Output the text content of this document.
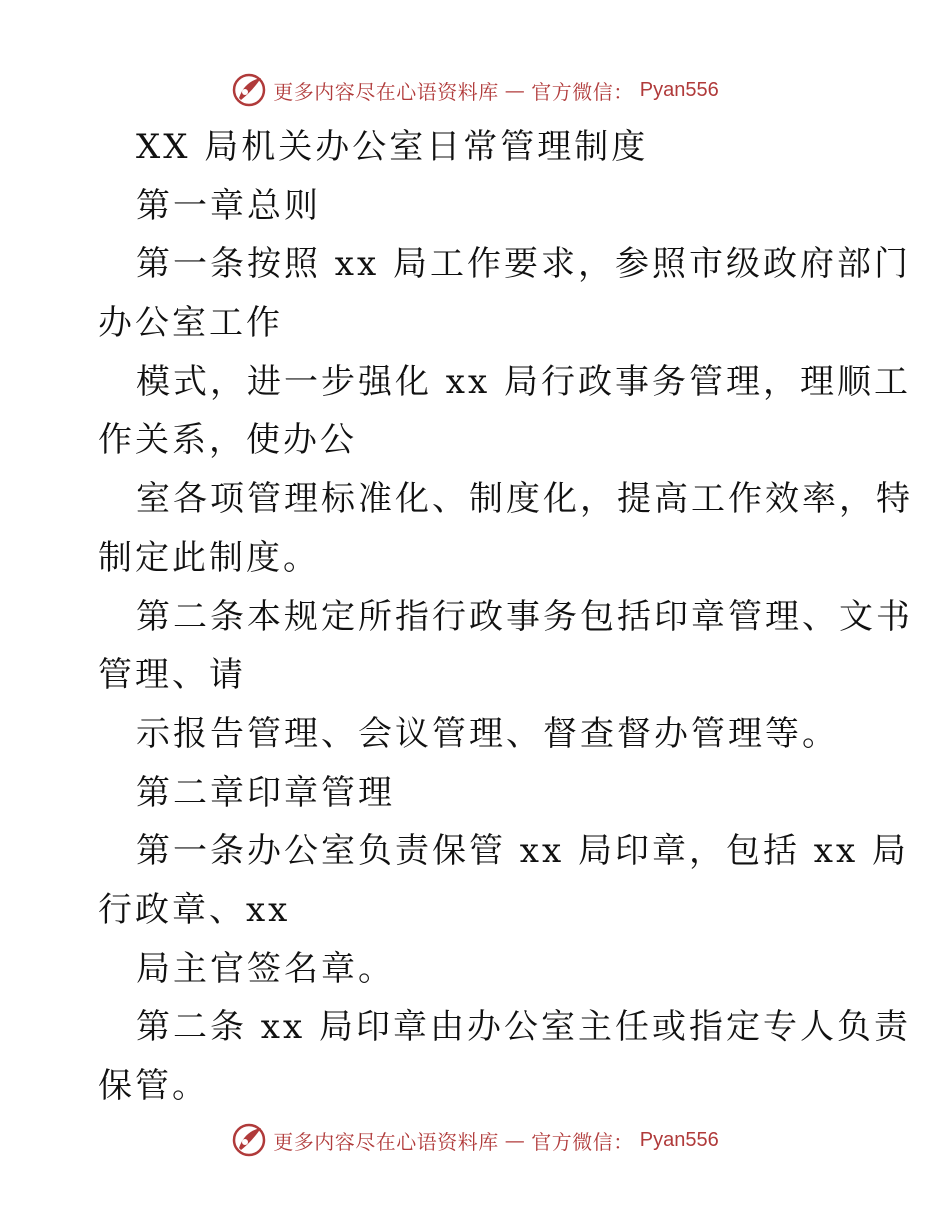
更多内容尽在心语资料库 — 官方微信： Pyan556
XX 局机关办公室日常管理制度
第一章总则
第一条按照 xx 局工作要求，参照市级政府部门
办公室工作
模式，进一步强化 xx 局行政事务管理，理顺工
作关系，使办公
室各项管理标准化、制度化，提高工作效率，特
制定此制度。
第二条本规定所指行政事务包括印章管理、文书
管理、请
示报告管理、会议管理、督查督办管理等。
第二章印章管理
第一条办公室负责保管 xx 局印章，包括 xx 局
行政章、xx
局主官签名章。
第二条 xx 局印章由办公室主任或指定专人负责
保管。
更多内容尽在心语资料库 — 官方微信： Pyan556
